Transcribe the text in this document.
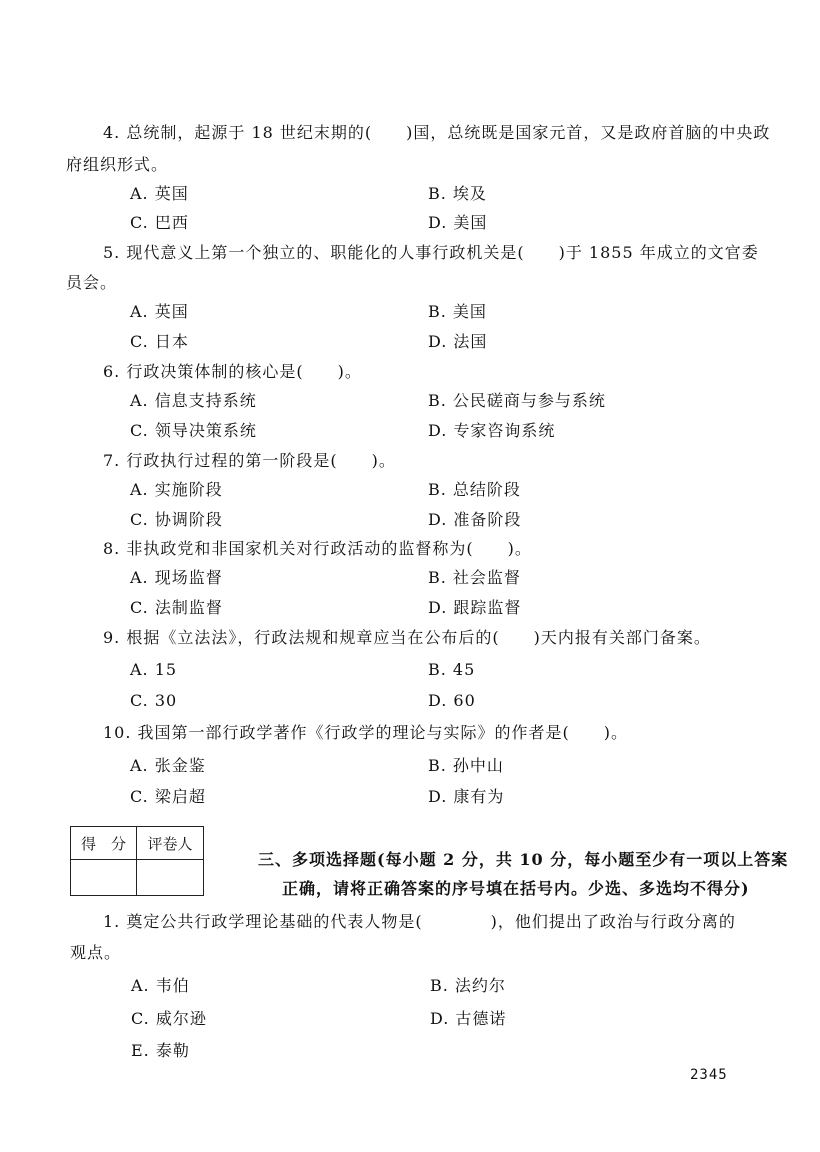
4. 总统制，起源于 18 世纪末期的(　　)国，总统既是国家元首，又是政府首脑的中央政
府组织形式。
A. 英国	B. 埃及
C. 巴西	D. 美国
5. 现代意义上第一个独立的、职能化的人事行政机关是(　　)于 1855 年成立的文官委
员会。
A. 英国	B. 美国
C. 日本	D. 法国
6. 行政决策体制的核心是(　　)。
A. 信息支持系统	B. 公民磋商与参与系统
C. 领导决策系统	D. 专家咨询系统
7. 行政执行过程的第一阶段是(　　)。
A. 实施阶段	B. 总结阶段
C. 协调阶段	D. 准备阶段
8. 非执政党和非国家机关对行政活动的监督称为(　　)。
A. 现场监督	B. 社会监督
C. 法制监督	D. 跟踪监督
9. 根据《立法法》，行政法规和规章应当在公布后的(　　)天内报有关部门备案。
A. 15	B. 45
C. 30	D. 60
10. 我国第一部行政学著作《行政学的理论与实际》的作者是(　　)。
A. 张金鉴	B. 孙中山
C. 梁启超	D. 康有为
得　分	评卷人
三、多项选择题(每小题 2 分，共 10 分，每小题至少有一项以上答案
正确，请将正确答案的序号填在括号内。少选、多选均不得分)
1. 奠定公共行政学理论基础的代表人物是(　　　　)，他们提出了政治与行政分离的
观点。
A. 韦伯	B. 法约尔
C. 威尔逊	D. 古德诺
E. 泰勒
2345
